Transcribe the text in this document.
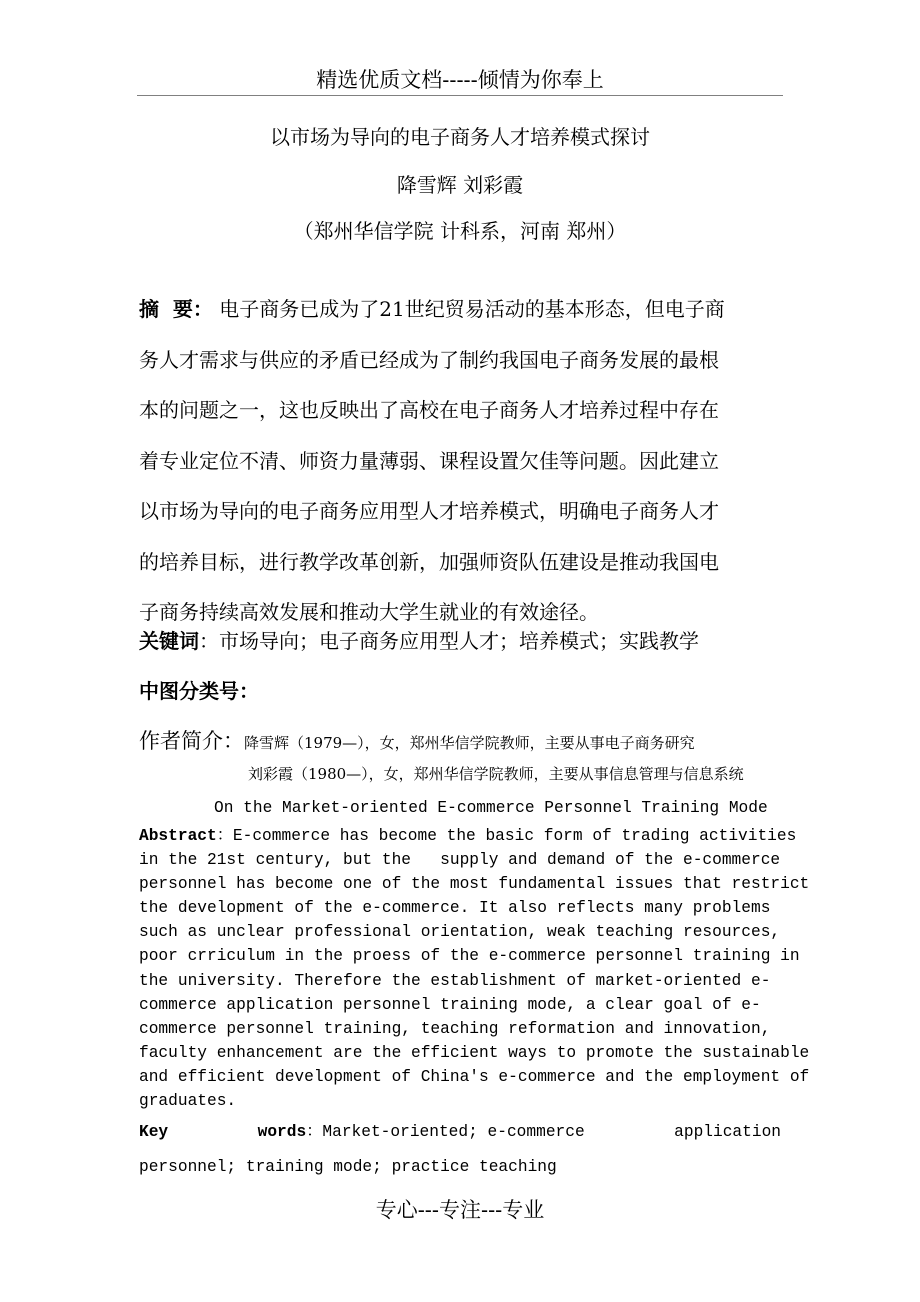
精选优质文档-----倾情为你奉上
以市场为导向的电子商务人才培养模式探讨
降雪辉 刘彩霞
（郑州华信学院 计科系，河南 郑州）
摘  要： 电子商务已成为了21世纪贸易活动的基本形态，但电子商
务人才需求与供应的矛盾已经成为了制约我国电子商务发展的最根
本的问题之一，这也反映出了高校在电子商务人才培养过程中存在
着专业定位不清、师资力量薄弱、课程设置欠佳等问题。因此建立
以市场为导向的电子商务应用型人才培养模式，明确电子商务人才
的培养目标，进行教学改革创新，加强师资队伍建设是推动我国电
子商务持续高效发展和推动大学生就业的有效途径。
关键词：市场导向；电子商务应用型人才；培养模式；实践教学
中图分类号：
作者简介：降雪辉（1979—），女，郑州华信学院教师，主要从事电子商务研究
刘彩霞（1980—），女，郑州华信学院教师，主要从事信息管理与信息系统
On the Market-oriented E-commerce Personnel Training Mode
Abstract：E-commerce has become the basic form of trading activities
in the 21st century, but the   supply and demand of the e-commerce
personnel has become one of the most fundamental issues that restrict
the development of the e-commerce. It also reflects many problems
such as unclear professional orientation, weak teaching resources,
poor crriculum in the proess of the e-commerce personnel training in
the university. Therefore the establishment of market-oriented e-
commerce application personnel training mode, a clear goal of e-
commerce personnel training, teaching reformation and innovation,
faculty enhancement are the efficient ways to promote the sustainable
and efficient development of China's e-commerce and the employment of
graduates.
Key	words：Market-oriented; e-commerce	application
personnel; training mode; practice teaching
专心---专注---专业
